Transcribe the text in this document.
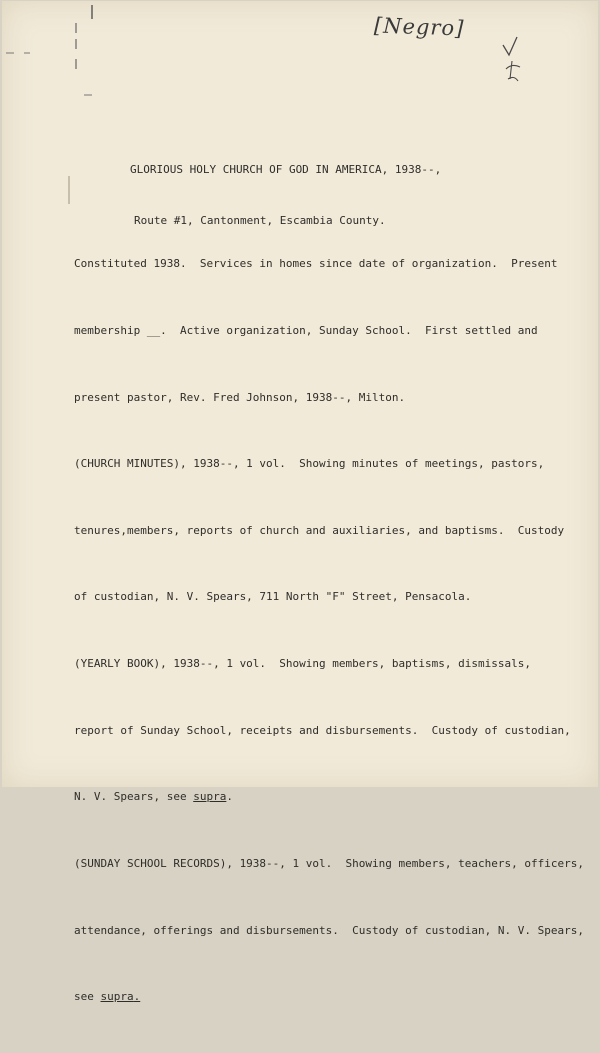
[Negro]

GLORIOUS HOLY CHURCH OF GOD IN AMERICA, 1938--,

Route #1, Cantonment, Escambia County.

Constituted 1938.  Services in homes since date of organization.  Present

membership __.  Active organization, Sunday School.  First settled and

present pastor, Rev. Fred Johnson, 1938--, Milton.

(CHURCH MINUTES), 1938--, 1 vol.  Showing minutes of meetings, pastors,

tenures,members, reports of church and auxiliaries, and baptisms.  Custody

of custodian, N. V. Spears, 711 North "F" Street, Pensacola.

(YEARLY BOOK), 1938--, 1 vol.  Showing members, baptisms, dismissals,

report of Sunday School, receipts and disbursements.  Custody of custodian,

N. V. Spears, see supra.

(SUNDAY SCHOOL RECORDS), 1938--, 1 vol.  Showing members, teachers, officers,

attendance, offerings and disbursements.  Custody of custodian, N. V. Spears,

see supra.
